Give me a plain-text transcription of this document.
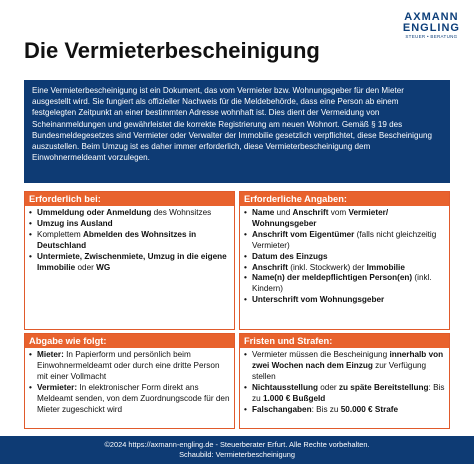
AXMANN
ENGLING
STEUER • BERATUNG
Die Vermieterbescheinigung
Eine Vermieterbescheinigung ist ein Dokument, das vom Vermieter bzw. Wohnungsgeber für den Mieter ausgestellt wird. Sie fungiert als offizieller Nachweis für die Meldebehörde, dass eine Person ab einem festgelegten Zeitpunkt an einer bestimmten Adresse wohnhaft ist. Dies dient der Vermeidung von Scheinanmeldungen und gewährleistet die korrekte Registrierung am neuen Wohnort. Gemäß § 19 des Bundesmeldegesetzes sind Vermieter oder Verwalter der Immobilie gesetzlich verpflichtet, diese Bescheinigung auszustellen. Beim Umzug ist es daher immer erforderlich, diese Vermieterbescheinigung dem Einwohnermeldeamt vorzulegen.
Erforderlich bei:
• Ummeldung oder Anmeldung des Wohnsitzes
• Umzug ins Ausland
• Komplettem Abmelden des Wohnsitzes in Deutschland
• Untermiete, Zwischenmiete, Umzug in die eigene Immobilie oder WG
Erforderliche Angaben:
• Name und Anschrift vom Vermieter/ Wohnungsgeber
• Anschrift vom Eigentümer (falls nicht gleichzeitig Vermieter)
• Datum des Einzugs
• Anschrift (inkl. Stockwerk) der Immobilie
• Name(n) der meldepflichtigen Person(en) (inkl. Kindern)
• Unterschrift vom Wohnungsgeber
Abgabe wie folgt:
• Mieter: In Papierform und persönlich beim Einwohnermeldeamt oder durch eine dritte Person mit einer Vollmacht
• Vermieter: In elektronischer Form direkt ans Meldeamt senden, von dem Zuordnungscode für den Mieter zugeschickt wird
Fristen und Strafen:
• Vermieter müssen die Bescheinigung innerhalb von zwei Wochen nach dem Einzug zur Verfügung stellen
• Nichtausstellung oder zu späte Bereitstellung: Bis zu 1.000 € Bußgeld
• Falschangaben: Bis zu 50.000 € Strafe
©2024 https://axmann-engling.de - Steuerberater Erfurt. Alle Rechte vorbehalten.
Schaubild: Vermieterbescheinigung
